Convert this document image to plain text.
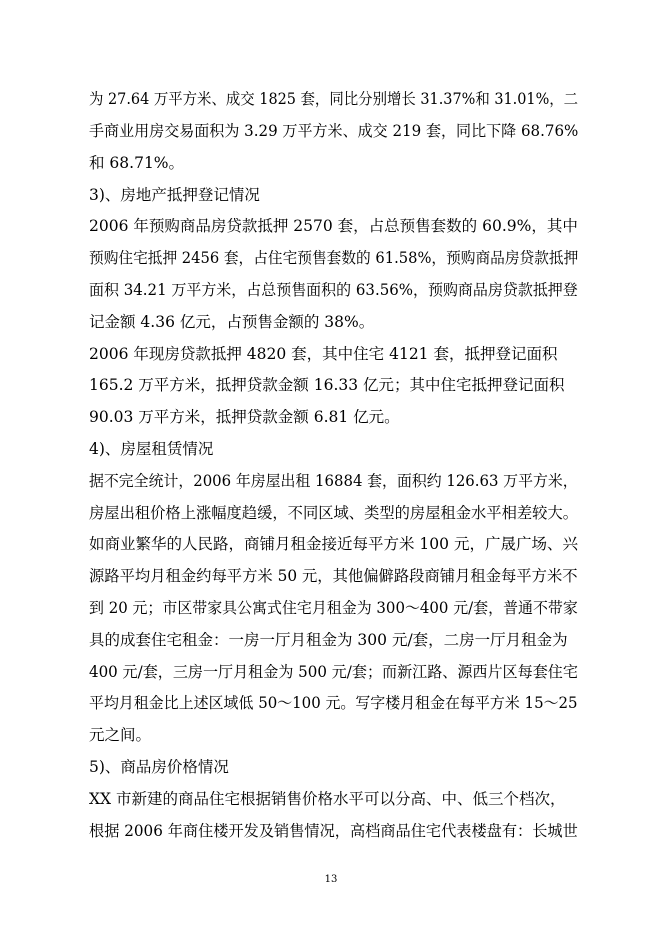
为 27.64 万平方米、成交 1825 套，同比分别增长 31.37%和 31.01%，二
手商业用房交易面积为 3.29 万平方米、成交 219 套，同比下降 68.76%
和 68.71%。
3)、房地产抵押登记情况
2006 年预购商品房贷款抵押 2570 套，占总预售套数的 60.9%，其中
预购住宅抵押 2456 套，占住宅预售套数的 61.58%，预购商品房贷款抵押
面积 34.21 万平方米，占总预售面积的 63.56%，预购商品房贷款抵押登
记金额 4.36 亿元，占预售金额的 38%。
2006 年现房贷款抵押 4820 套，其中住宅 4121 套，抵押登记面积
165.2 万平方米，抵押贷款金额 16.33 亿元；其中住宅抵押登记面积
90.03 万平方米，抵押贷款金额 6.81 亿元。
4)、房屋租赁情况
据不完全统计，2006 年房屋出租 16884 套，面积约 126.63 万平方米，
房屋出租价格上涨幅度趋缓，不同区域、类型的房屋租金水平相差较大。
如商业繁华的人民路，商铺月租金接近每平方米 100 元，广晟广场、兴
源路平均月租金约每平方米 50 元，其他偏僻路段商铺月租金每平方米不
到 20 元；市区带家具公寓式住宅月租金为 300～400 元/套，普通不带家
具的成套住宅租金：一房一厅月租金为 300 元/套，二房一厅月租金为
400 元/套，三房一厅月租金为 500 元/套；而新江路、源西片区每套住宅
平均月租金比上述区域低 50～100 元。写字楼月租金在每平方米 15～25
元之间。
5)、商品房价格情况
XX 市新建的商品住宅根据销售价格水平可以分高、中、低三个档次，
根据 2006 年商住楼开发及销售情况，高档商品住宅代表楼盘有：长城世
13
